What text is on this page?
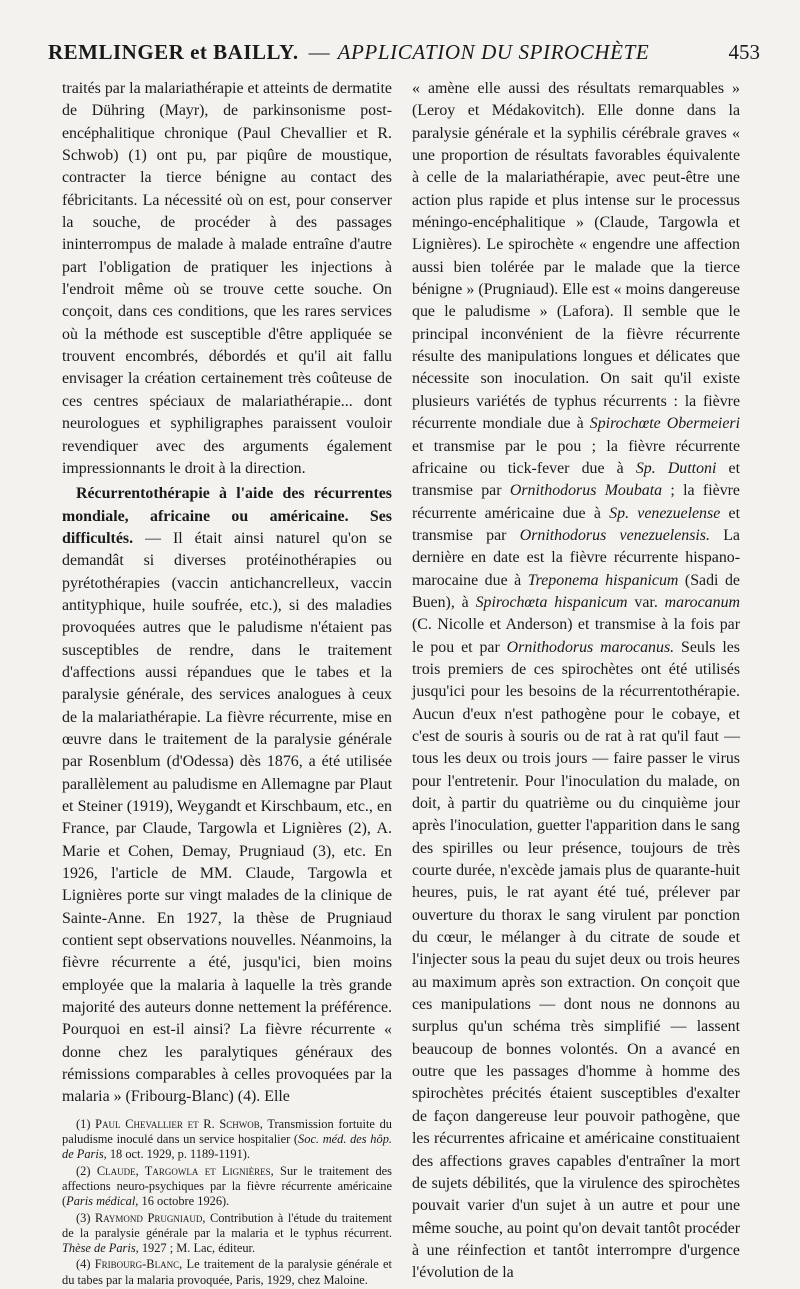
REMLINGER et BAILLY. — APPLICATION DU SPIROCHÈTE	453

traités par la malariathérapie et atteints de dermatite de Dühring (Mayr), de parkinsonisme post-encéphalitique chronique (Paul Chevallier et R. Schwob) (1) ont pu, par piqûre de moustique, contracter la tierce bénigne au contact des fébricitants. La nécessité où on est, pour conserver la souche, de procéder à des passages ininterrompus de malade à malade entraîne d'autre part l'obligation de pratiquer les injections à l'endroit même où se trouve cette souche. On conçoit, dans ces conditions, que les rares services où la méthode est susceptible d'être appliquée se trouvent encombrés, débordés et qu'il ait fallu envisager la création certainement très coûteuse de ces centres spéciaux de malariathérapie... dont neurologues et syphiligraphes paraissent vouloir revendiquer avec des arguments également impressionnants le droit à la direction.

Récurrentothérapie à l'aide des récurrentes mondiale, africaine ou américaine. Ses difficultés. — Il était ainsi naturel qu'on se demandât si diverses protéinothérapies ou pyrétothérapies (vaccin antichancrelleux, vaccin antityphique, huile soufrée, etc.), si des maladies provoquées autres que le paludisme n'étaient pas susceptibles de rendre, dans le traitement d'affections aussi répandues que le tabes et la paralysie générale, des services analogues à ceux de la malariathérapie. La fièvre récurrente, mise en œuvre dans le traitement de la paralysie générale par Rosenblum (d'Odessa) dès 1876, a été utilisée parallèlement au paludisme en Allemagne par Plaut et Steiner (1919), Weygandt et Kirschbaum, etc., en France, par Claude, Targowla et Lignières (2), A. Marie et Cohen, Demay, Prugniaud (3), etc. En 1926, l'article de MM. Claude, Targowla et Lignières porte sur vingt malades de la clinique de Sainte-Anne. En 1927, la thèse de Prugniaud contient sept observations nouvelles. Néanmoins, la fièvre récurrente a été, jusqu'ici, bien moins employée que la malaria à laquelle la très grande majorité des auteurs donne nettement la préférence. Pourquoi en est-il ainsi? La fièvre récurrente « donne chez les paralytiques généraux des rémissions comparables à celles provoquées par la malaria » (Fribourg-Blanc) (4). Elle

(1) Paul Chevallier et R. Schwob, Transmission fortuite du paludisme inoculé dans un service hospitalier (Soc. méd. des hôp. de Paris, 18 oct. 1929, p. 1189-1191).

(2) Claude, Targowla et Lignières, Sur le traitement des affections neuro-psychiques par la fièvre récurrente américaine (Paris médical, 16 octobre 1926).

(3) Raymond Prugniaud, Contribution à l'étude du traitement de la paralysie générale par la malaria et le typhus récurrent. Thèse de Paris, 1927 ; M. Lac, éditeur.

(4) Fribourg-Blanc, Le traitement de la paralysie générale et du tabes par la malaria provoquée, Paris, 1929, chez Maloine.

« amène elle aussi des résultats remarquables » (Leroy et Médakovitch). Elle donne dans la paralysie générale et la syphilis cérébrale graves « une proportion de résultats favorables équivalente à celle de la malariathérapie, avec peut-être une action plus rapide et plus intense sur le processus méningo-encéphalitique » (Claude, Targowla et Lignières). Le spirochète « engendre une affection aussi bien tolérée par le malade que la tierce bénigne » (Prugniaud). Elle est « moins dangereuse que le paludisme » (Lafora). Il semble que le principal inconvénient de la fièvre récurrente résulte des manipulations longues et délicates que nécessite son inoculation. On sait qu'il existe plusieurs variétés de typhus récurrents : la fièvre récurrente mondiale due à Spirochœte Obermeieri et transmise par le pou ; la fièvre récurrente africaine ou tick-fever due à Sp. Duttoni et transmise par Ornithodorus Moubata ; la fièvre récurrente américaine due à Sp. venezuelense et transmise par Ornithodorus venezuelensis. La dernière en date est la fièvre récurrente hispano-marocaine due à Treponema hispanicum (Sadi de Buen), à Spirochœta hispanicum var. marocanum (C. Nicolle et Anderson) et transmise à la fois par le pou et par Ornithodorus marocanus. Seuls les trois premiers de ces spirochètes ont été utilisés jusqu'ici pour les besoins de la récurrentothérapie. Aucun d'eux n'est pathogène pour le cobaye, et c'est de souris à souris ou de rat à rat qu'il faut — tous les deux ou trois jours — faire passer le virus pour l'entretenir. Pour l'inoculation du malade, on doit, à partir du quatrième ou du cinquième jour après l'inoculation, guetter l'apparition dans le sang des spirilles ou leur présence, toujours de très courte durée, n'excède jamais plus de quarante-huit heures, puis, le rat ayant été tué, prélever par ouverture du thorax le sang virulent par ponction du cœur, le mélanger à du citrate de soude et l'injecter sous la peau du sujet deux ou trois heures au maximum après son extraction. On conçoit que ces manipulations — dont nous ne donnons au surplus qu'un schéma très simplifié — lassent beaucoup de bonnes volontés. On a avancé en outre que les passages d'homme à homme des spirochètes précités étaient susceptibles d'exalter de façon dangereuse leur pouvoir pathogène, que les récurrentes africaine et américaine constituaient des affections graves capables d'entraîner la mort de sujets débilités, que la virulence des spirochètes pouvait varier d'un sujet à un autre et pour une même souche, au point qu'on devait tantôt procéder à une réinfection et tantôt interrompre d'urgence l'évolution de la
